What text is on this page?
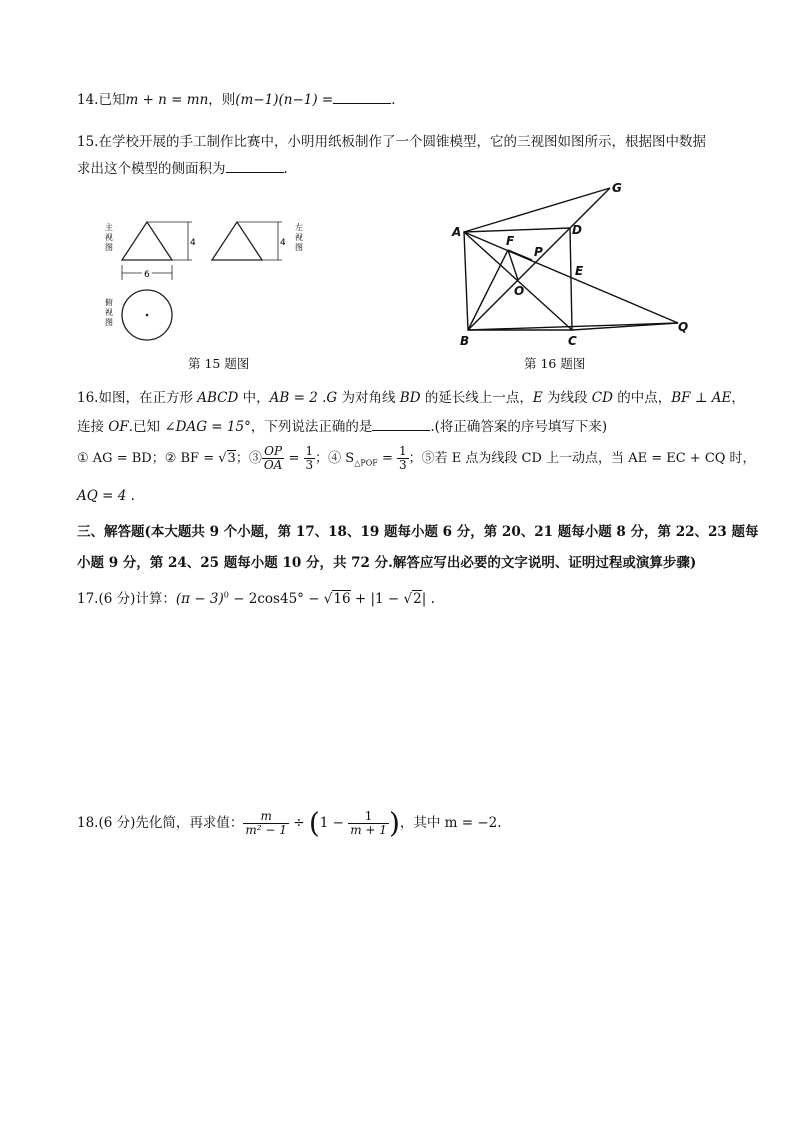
14.已知m + n = mn，则(m−1)(n−1) =	.
15.在学校开展的手工制作比赛中，小明用纸板制作了一个圆锥模型，它的三视图如图所示，根据图中数据
求出这个模型的侧面积为	.
4
6
主视图	4
左视图
俯视图
第 15 题图
A
B	C
D
E
F
G
O
P
Q
第 16 题图
16.如图，在正方形 ABCD 中，AB = 2 .G 为对角线 BD 的延长线上一点，E 为线段 CD 的中点，BF ⊥ AE，
连接 OF.已知 ∠DAG = 15°，下列说法正确的是	.(将正确答案的序号填写下来)
① AG = BD；② BF = √3；③ $\frac{OP}{OA} = \frac{1}{3}$ ；④ $S_{\triangle POF} = \frac{1}{3}$ ；⑤若 E 点为线段 CD 上一动点，当 AE = EC + CQ 时，
AQ = 4 .
三、解答题(本大题共 9 个小题，第 17、18、19 题每小题 6 分，第 20、21 题每小题 8 分，第 22、23 题每
小题 9 分，第 24、25 题每小题 10 分，共 72 分.解答应写出必要的文字说明、证明过程或演算步骤)
17.(6 分)计算：$(\pi - 3)^0 - 2\cos 45^\circ - √16 + |1 - √2|$ .
18.(6 分)先化简，再求值： $\frac{m}{\text{m² − 1}} \div (1 - \frac{1}{m + 1}$ )，其中 m = −2.
